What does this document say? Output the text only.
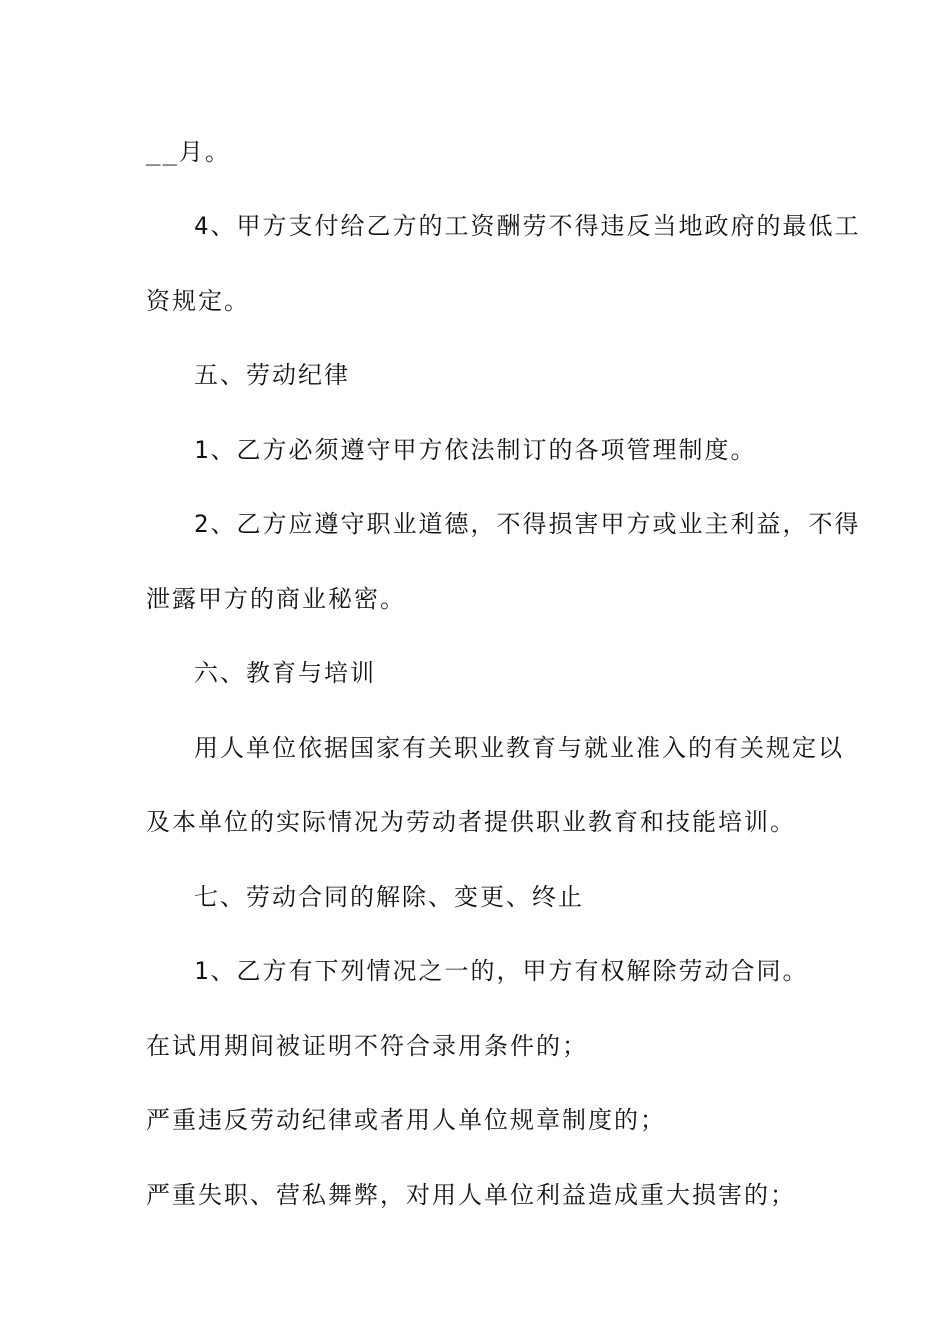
__月。

4、甲方支付给乙方的工资酬劳不得违反当地政府的最低工

资规定。

五、劳动纪律

1、乙方必须遵守甲方依法制订的各项管理制度。

2、乙方应遵守职业道德，不得损害甲方或业主利益，不得

泄露甲方的商业秘密。

六、教育与培训

用人单位依据国家有关职业教育与就业准入的有关规定以

及本单位的实际情况为劳动者提供职业教育和技能培训。

七、劳动合同的解除、变更、终止

1、乙方有下列情况之一的，甲方有权解除劳动合同。

在试用期间被证明不符合录用条件的；

严重违反劳动纪律或者用人单位规章制度的；

严重失职、营私舞弊，对用人单位利益造成重大损害的；
